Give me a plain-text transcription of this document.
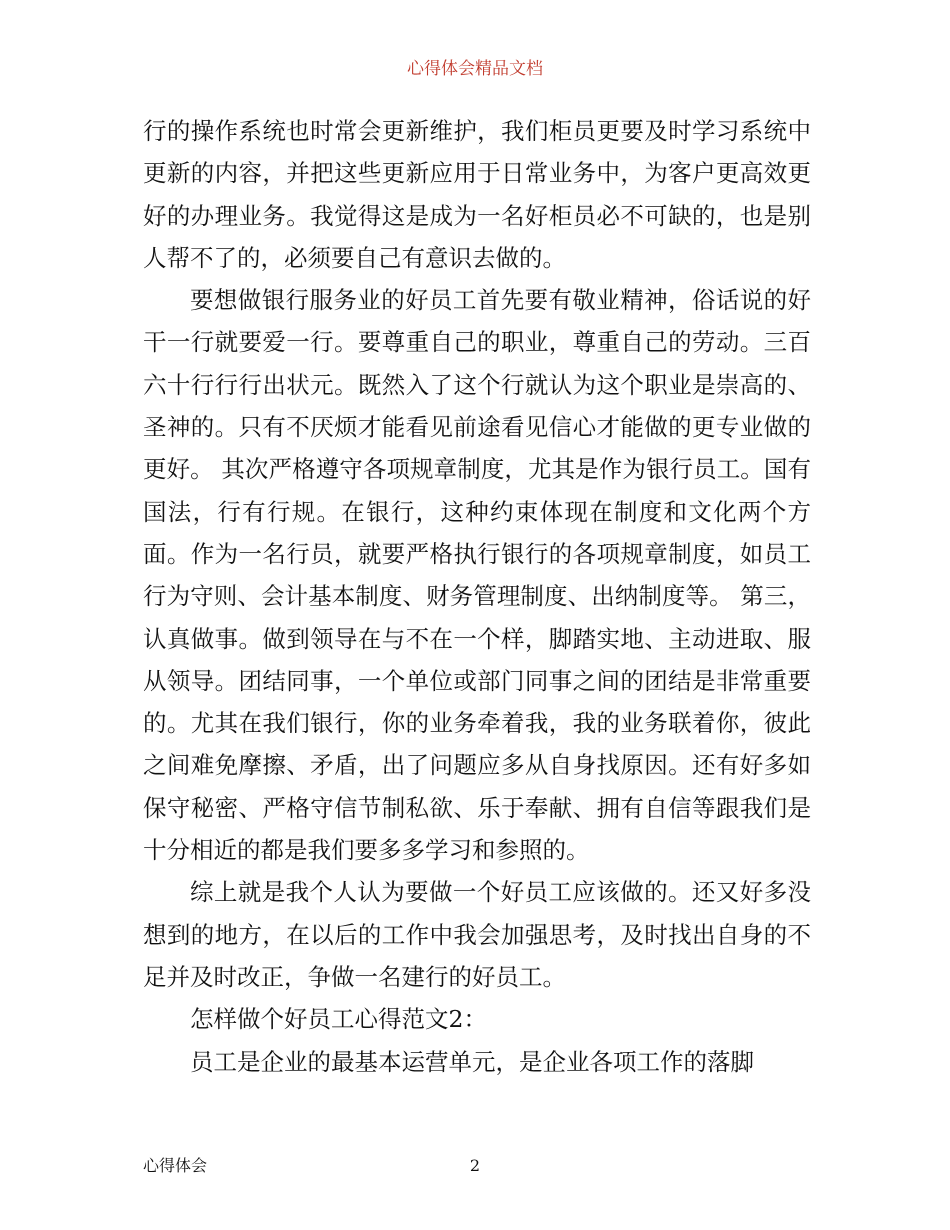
心得体会精品文档

行的操作系统也时常会更新维护，我们柜员更要及时学习系统中更新的内容，并把这些更新应用于日常业务中，为客户更高效更好的办理业务。我觉得这是成为一名好柜员必不可缺的，也是别人帮不了的，必须要自己有意识去做的。

要想做银行服务业的好员工首先要有敬业精神，俗话说的好干一行就要爱一行。要尊重自己的职业，尊重自己的劳动。三百六十行行行出状元。既然入了这个行就认为这个职业是崇高的、圣神的。只有不厌烦才能看见前途看见信心才能做的更专业做的更好。 其次严格遵守各项规章制度，尤其是作为银行员工。国有国法，行有行规。在银行，这种约束体现在制度和文化两个方面。作为一名行员，就要严格执行银行的各项规章制度，如员工行为守则、会计基本制度、财务管理制度、出纳制度等。 第三，认真做事。做到领导在与不在一个样，脚踏实地、主动进取、服从领导。团结同事，一个单位或部门同事之间的团结是非常重要的。尤其在我们银行，你的业务牵着我，我的业务联着你，彼此之间难免摩擦、矛盾，出了问题应多从自身找原因。还有好多如保守秘密、严格守信节制私欲、乐于奉献、拥有自信等跟我们是十分相近的都是我们要多多学习和参照的。

综上就是我个人认为要做一个好员工应该做的。还又好多没想到的地方，在以后的工作中我会加强思考，及时找出自身的不足并及时改正，争做一名建行的好员工。

怎样做个好员工心得范文2：

员工是企业的最基本运营单元，是企业各项工作的落脚

心得体会	2
